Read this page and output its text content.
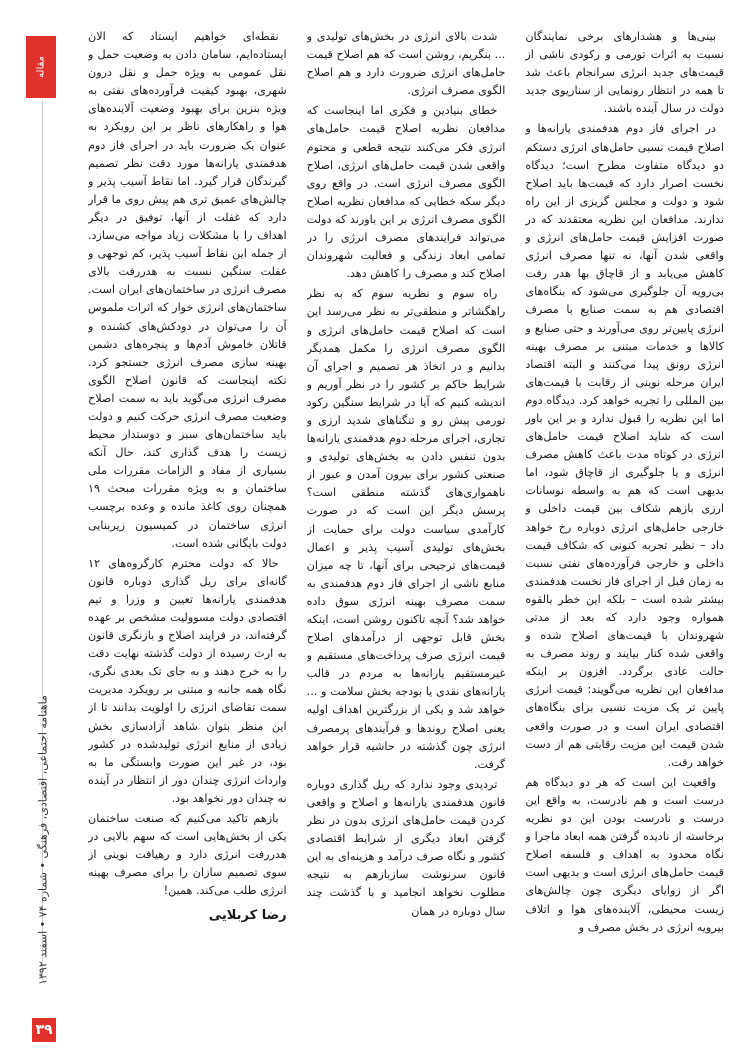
مقاله
ماهنامه اجتماعی، اقتصادی، فرهنگی • شماره ۷۴ • اسفند ۱۳۹۲
۳۹

بینی‌ها و هشدارهای برخی نمایندگان نسبت به اثرات تورمی و رکودی ناشی از قیمت‌های جدید انرژی سرانجام باعث شد تا همه در انتظار رونمایی از سناریوی جدید دولت در سال آینده باشند.

در اجرای فاز دوم هدفمندی یارانه‌ها و اصلاح قیمت نسبی حامل‌های انرژی دستکم دو دیدگاه متفاوت مطرح است؛ دیدگاه نخست اصرار دارد که قیمت‌ها باید اصلاح شود و دولت و مجلس گریزی از این راه ندارند. مدافعان این نظریه معتقدند که در صورت افزایش قیمت حامل‌های انرژی و واقعی شدن آنها، نه تنها مصرف انرژی کاهش می‌یابد و از قاچاق بها هدر رفت بی‌رویه آن جلوگیری می‌شود که بنگاه‌های اقتصادی هم به سمت صنایع با مصرف انرژی پایین‌تر روی می‌آورند و حتی صنایع و کالاها و خدمات مبتنی بر مصرف بهینه انرژی رونق پیدا می‌کنند و البته اقتصاد ایران مرحله نوینی از رقابت با قیمت‌های بین المللی را تجربه خواهد کرد. دیدگاه دوم اما این نظریه را قبول ندارد و بر این باور است که شاید اصلاح قیمت حامل‌های انرژی در کوتاه مدت باعث کاهش مصرف انرژی و یا جلوگیری از قاچاق شود، اما بدیهی است که هم به واسطه نوسانات ارزی بازهم شکاف بین قیمت داخلی و خارجی حامل‌های انرژی دوباره رخ خواهد داد – نظیر تجربه کنونی که شکاف قیمت داخلی و خارجی فرآورده‌های نفتی نسبت به زمان قبل از اجرای فاز نخست هدفمندی بیشتر شده است – بلکه این خطر بالقوه همواره وجود دارد که بعد از مدتی شهروندان با قیمت‌های اصلاح شده و واقعی شده کنار بیایند و روند مصرف به حالت عادی برگردد. افزون بر اینکه مدافعان این نظریه می‌گویند: قیمت انرژی پایین تر یک مزیت نسبی برای بنگاه‌های اقتصادی ایران است و در صورت واقعی شدن قیمت این مزیت رقابتی هم از دست خواهد رفت.

واقعیت این است که هر دو دیدگاه هم درست است و هم نادرست، به واقع این درست و نادرست بودن این دو نظریه برخاسته از نادیده گرفتن همه ابعاد ماجرا و نگاه محدود به اهداف و فلسفه اصلاح قیمت حامل‌های انرژی است و بدیهی است اگر از زوایای دیگری چون چالش‌های زیست محیطی، آلاینده‌های هوا و اتلاف بیرویه انرژی در بخش مصرف و

شدت بالای انرژی در بخش‌های تولیدی و ... بنگریم، روشن است که هم اصلاح قیمت حامل‌های انرژی ضرورت دارد و هم اصلاح الگوی مصرف انرژی.

خطای بنیادین و فکری اما اینجاست که مدافعان نظریه اصلاح قیمت حامل‌های انرژی فکر می‌کنند نتیجه قطعی و محتوم واقعی شدن قیمت حامل‌های انرژی، اصلاح الگوی مصرف انرژی است. در واقع روی دیگر سکه خطایی که مدافعان نظریه اصلاح الگوی مصرف انرژی بر این باورند که دولت می‌تواند فرایندهای مصرف انرژی را در تمامی ابعاد زندگی و فعالیت شهروندان اصلاح کند و مصرف را کاهش دهد.

راه سوم و نظریه سوم که به نظر راهگشاتر و منطقی‌تر به نظر می‌رسد این است که اصلاح قیمت حامل‌های انرژی و الگوی مصرف انرژی را مکمل همدیگر بدانیم و در اتخاذ هر تصمیم و اجرای آن شرایط حاکم بر کشور را در نظر آوریم و اندیشه کنیم که آیا در شرایط سنگین رکود تورمی پیش رو و تنگناهای شدید ارزی و تجاری، اجرای مرحله دوم هدفمندی یارانه‌ها بدون تنفس دادن به بخش‌های تولیدی و صنعتی کشور برای بیرون آمدن و عبور از ناهمواری‌های گذشته منطقی است؟ پرسش دیگر این است که در صورت کارآمدی سیاست دولت برای حمایت از بخش‌های تولیدی آسیب پذیر و اعمال قیمت‌های ترجیحی برای آنها، تا چه میزان منابع ناشی از اجرای فاز دوم هدفمندی به سمت مصرف بهینه انرژی سوق داده خواهد شد؟ آنچه تاکنون روشن است، اینکه بخش قابل توجهی از درآمدهای اصلاح قیمت انرژی صرف پرداخت‌های مستقیم و غیرمستقیم یارانه‌ها به مردم در قالب یارانه‌های نقدی یا بودجه بخش سلامت و ... خواهد شد و یکی از بزرگترین اهداف اولیه یعنی اصلاح روندها و فرآیندهای پرمصرف انرژی چون گذشته در حاشیه قرار خواهد گرفت.

تردیدی وجود ندارد که ریل گذاری دوباره قانون هدفمندی یارانه‌ها و اصلاح و واقعی کردن قیمت حامل‌های انرژی بدون در نظر گرفتن ابعاد دیگری از شرایط اقتصادی کشور و نگاه صرف درآمد و هزینه‌ای به این قانون سرنوشت سازبازهم به نتیجه مطلوب نخواهد انجامید و با گذشت چند سال دوباره در همان

نقطه‌ای خواهیم ایستاد که الان ایستاده‌ایم، سامان دادن به وضعیت حمل و نقل عمومی به ویژه حمل و نقل درون شهری، بهبود کیفیت فرآورده‌های نفتی به ویژه بنزین برای بهبود وضعیت آلاینده‌های هوا و راهکارهای ناظر بر این رویکرد به عنوان یک ضرورت باید در اجرای فاز دوم هدفمندی یارانه‌ها مورد دقت نظر تصمیم گیرندگان قرار گیرد. اما نقاط آسیب پذیر و چالش‌های عمیق تری هم پیش روی ما قرار دارد که غفلت از آنها، توفیق در دیگر اهداف را با مشکلات زیاد مواجه می‌سازد. از جمله این نقاط آسیب پذیر، کم توجهی و غفلت سنگین نسبت به هدررفت بالای مصرف انرژی در ساختمان‌های ایران است. ساختمان‌های انرژی خوار که اثرات ملموس آن را می‌توان در دودکش‌های کشنده و قاتلان خاموش آدم‌ها و پنجره‌های دشمن بهینه سازی مصرف انرژی جستجو کرد. نکته اینجاست که قانون اصلاح الگوی مصرف انرژی می‌گوید باید به سمت اصلاح وضعیت مصرف انرژی حرکت کنیم و دولت باید ساختمان‌های سبز و دوستدار محیط زیست را هدف گذاری کند، حال آنکه بسیاری از مفاد و الزامات مقررات ملی ساختمان و به ویژه مقررات مبحث ۱۹ همچنان روی کاغذ مانده و وعده برچسب انرژی ساختمان در کمیسیون زیربنایی دولت بایگانی شده است.

حالا که دولت محترم کارگروه‌های ۱۲ گانه‌ای برای ریل گذاری دوباره قانون هدفمندی یارانه‌ها تعیین و وزرا و تیم اقتصادی دولت مسوولیت مشخص بر عهده گرفته‌اند، در فرایند اصلاح و بازنگری قانون به ارث رسیده از دولت گذشته نهایت دقت را به خرج دهند و به جای تک بعدی نگری، نگاه همه جانبه و مبتنی بر رویکرد مدیریت سمت تقاضای انرژی را اولویت بدانند تا از این منظر بتوان شاهد آزادسازی بخش زیادی از منابع انرژی تولیدشده در کشور بود، در غیر این صورت وابستگی ما به واردات انرژی چندان دور از انتظار در آینده نه چندان دور نخواهد بود.

بازهم تاکید می‌کنیم که صنعت ساختمان یکی از بخش‌هایی است که سهم بالایی در هدررفت انرژی دارد و رهیافت نوینی از سوی تصمیم سازان را برای مصرف بهینه انرژی طلب می‌کند. همین!

رضا کربلایی
